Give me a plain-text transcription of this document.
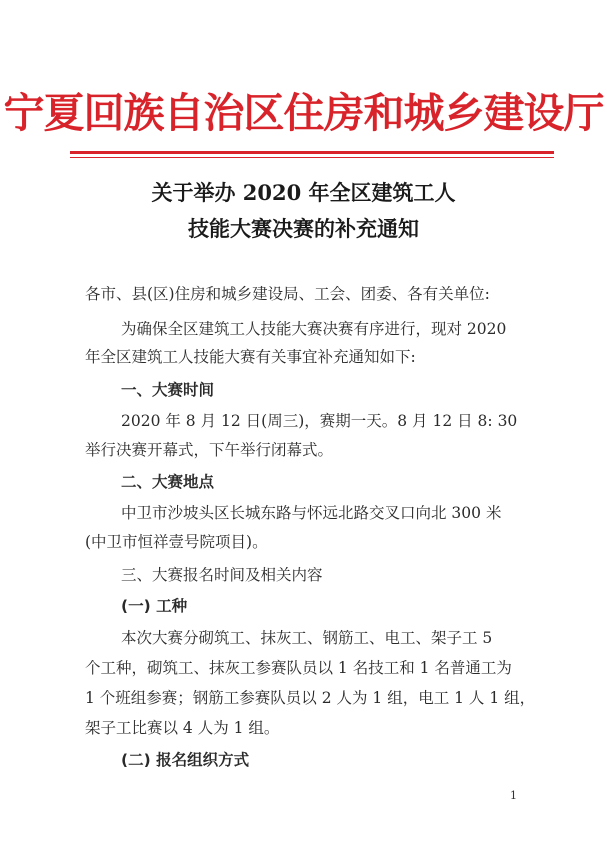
宁夏回族自治区住房和城乡建设厅
关于举办 2020 年全区建筑工人
技能大赛决赛的补充通知
各市、县(区)住房和城乡建设局、工会、团委、各有关单位:
为确保全区建筑工人技能大赛决赛有序进行，现对 2020
年全区建筑工人技能大赛有关事宜补充通知如下:
一、大赛时间
2020 年 8 月 12 日(周三)，赛期一天。8 月 12 日 8: 30
举行决赛开幕式，下午举行闭幕式。
二、大赛地点
中卫市沙坡头区长城东路与怀远北路交叉口向北 300 米
(中卫市恒祥壹号院项目)。
三、大赛报名时间及相关内容
(一) 工种
本次大赛分砌筑工、抹灰工、钢筋工、电工、架子工 5
个工种，砌筑工、抹灰工参赛队员以 1 名技工和 1 名普通工为
1 个班组参赛；钢筋工参赛队员以 2 人为 1 组，电工 1 人 1 组，
架子工比赛以 4 人为 1 组。
(二) 报名组织方式
1
